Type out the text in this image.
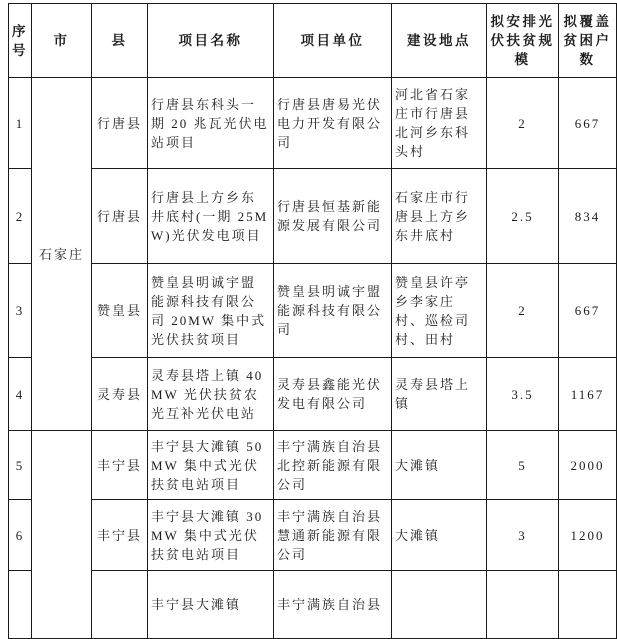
序号	市	县	项目名称	项目单位	建设地点	拟安排光伏扶贫规模	拟覆盖贫困户数
1	石家庄	行唐县	行唐县东科头一期 20 兆瓦光伏电站项目	行唐县唐易光伏电力开发有限公司	河北省石家庄市行唐县北河乡东科头村	2	667
2		行唐县	行唐县上方乡东井底村(一期 25MW)光伏发电项目	行唐县恒基新能源发展有限公司	石家庄市行唐县上方乡东井底村	2.5	834
3		赞皇县	赞皇县明诚宇盟能源科技有限公司 20MW 集中式光伏扶贫项目	赞皇县明诚宇盟能源科技有限公司	赞皇县许亭乡李家庄村、巡检司村、田村	2	667
4		灵寿县	灵寿县塔上镇 40MW 光伏扶贫农光互补光伏电站	灵寿县鑫能光伏发电有限公司	灵寿县塔上镇	3.5	1167
5		丰宁县	丰宁县大滩镇 50MW 集中式光伏扶贫电站项目	丰宁满族自治县北控新能源有限公司	大滩镇	5	2000
6		丰宁县	丰宁县大滩镇 30MW 集中式光伏扶贫电站项目	丰宁满族自治县慧通新能源有限公司	大滩镇	3	1200
			丰宁县大滩镇	丰宁满族自治县			
